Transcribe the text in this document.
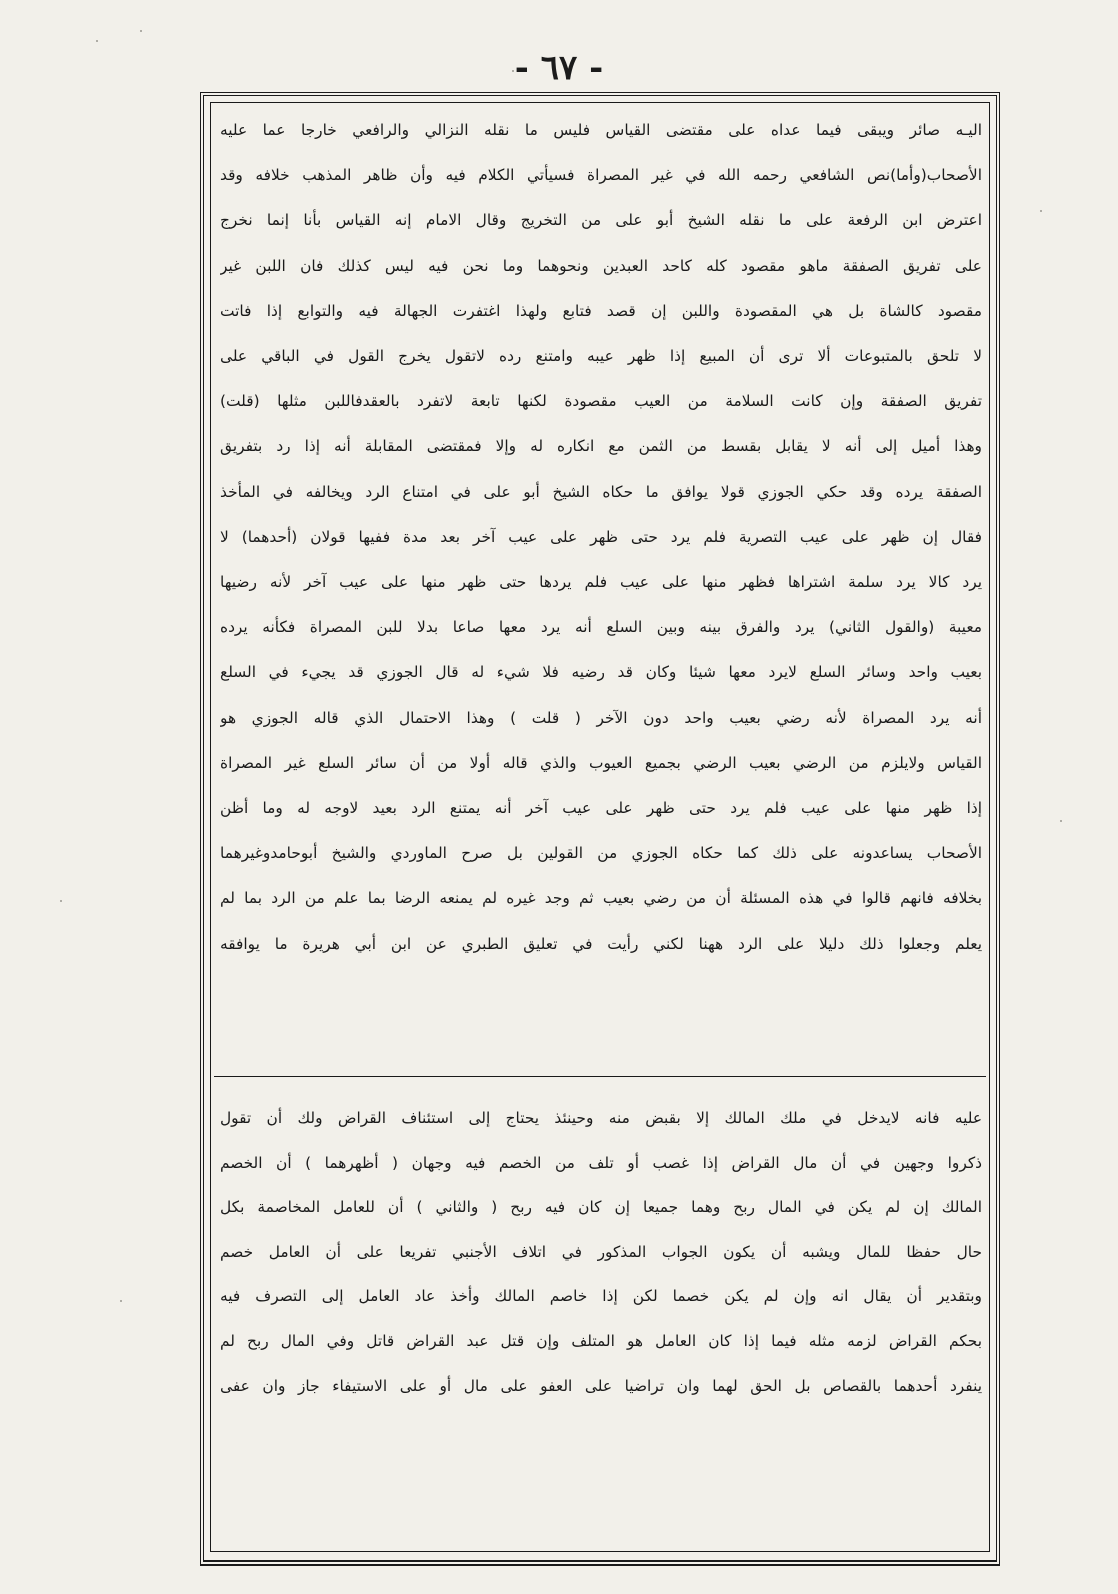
- ٦٧ -
اليـه صائر ويبقى فيما عداه على مقتضى القياس فليس ما نقله النزالي والرافعي خارجا عما عليه
الأصحاب(وأما)نص الشافعي رحمه الله في غير المصراة فسيأتي الكلام فيه وأن ظاهر المذهب خلافه وقد
اعترض ابن الرفعة على ما نقله الشيخ أبو على من التخريج وقال الامام إنه القياس بأنا إنما نخرج
على تفريق الصفقة ماهو مقصود كله كاحد العبدين ونحوهما وما نحن فيه ليس كذلك فان اللبن غير
مقصود كالشاة بل هي المقصودة واللبن إن قصد فتابع ولهذا اغتفرت الجهالة فيه والتوابع إذا فاتت
لا تلحق بالمتبوعات ألا ترى أن المبيع إذا ظهر عيبه وامتنع رده لاتقول يخرج القول في الباقي على
تفريق الصفقة وإن كانت السلامة من العيب مقصودة لكنها تابعة لاتفرد بالعقدفاللبن مثلها (قلت)
وهذا أميل إلى أنه لا يقابل بقسط من الثمن مع انكاره له وإلا فمقتضى المقابلة أنه إذا رد بتفريق
الصفقة يرده وقد حكي الجوزي قولا يوافق ما حكاه الشيخ أبو على في امتناع الرد ويخالفه في المأخذ
فقال إن ظهر على عيب التصرية فلم يرد حتى ظهر على عيب آخر بعد مدة ففيها قولان (أحدهما) لا
يرد كالا يرد سلمة اشتراها فظهر منها على عيب فلم يردها حتى ظهر منها على عيب آخر لأنه رضيها
معيبة (والقول الثاني) يرد والفرق بينه وبين السلع أنه يرد معها صاعا بدلا للبن المصراة فكأنه يرده
بعيب واحد وسائر السلع لايرد معها شيئا وكان قد رضيه فلا شيء له قال الجوزي قد يجيء في السلع
أنه يرد المصراة لأنه رضي بعيب واحد دون الآخر ( قلت ) وهذا الاحتمال الذي قاله الجوزي هو
القياس ولايلزم من الرضي بعيب الرضي بجميع العيوب والذي قاله أولا من أن سائر السلع غير المصراة
إذا ظهر منها على عيب فلم يرد حتى ظهر على عيب آخر أنه يمتنع الرد بعيد لاوجه له وما أظن
الأصحاب يساعدونه على ذلك كما حكاه الجوزي من القولين بل صرح الماوردي والشيخ أبوحامدوغيرهما
بخلافه فانهم قالوا في هذه المسئلة أن من رضي بعيب ثم وجد غيره لم يمنعه الرضا بما علم من الرد بما لم
يعلم وجعلوا ذلك دليلا على الرد ههنا لكني رأيت في تعليق الطبري عن ابن أبي هريرة ما يوافقه
عليه فانه لايدخل في ملك المالك إلا بقبض منه وحينئذ يحتاج إلى استئناف القراض ولك أن تقول
ذكروا وجهين في أن مال القراض إذا غصب أو تلف من الخصم فيه وجهان ( أظهرهما ) أن الخصم
المالك إن لم يكن في المال ربح وهما جميعا إن كان فيه ربح ( والثاني ) أن للعامل المخاصمة بكل
حال حفظا للمال ويشبه أن يكون الجواب المذكور في اتلاف الأجنبي تفريعا على أن العامل خصم
وبتقدير أن يقال انه وإن لم يكن خصما لكن إذا خاصم المالك وأخذ عاد العامل إلى التصرف فيه
بحكم القراض لزمه مثله فيما إذا كان العامل هو المتلف وإن قتل عبد القراض قاتل وفي المال ربح لم
ينفرد أحدهما بالقصاص بل الحق لهما وان تراضيا على العفو على مال أو على الاستيفاء جاز وان عفى
